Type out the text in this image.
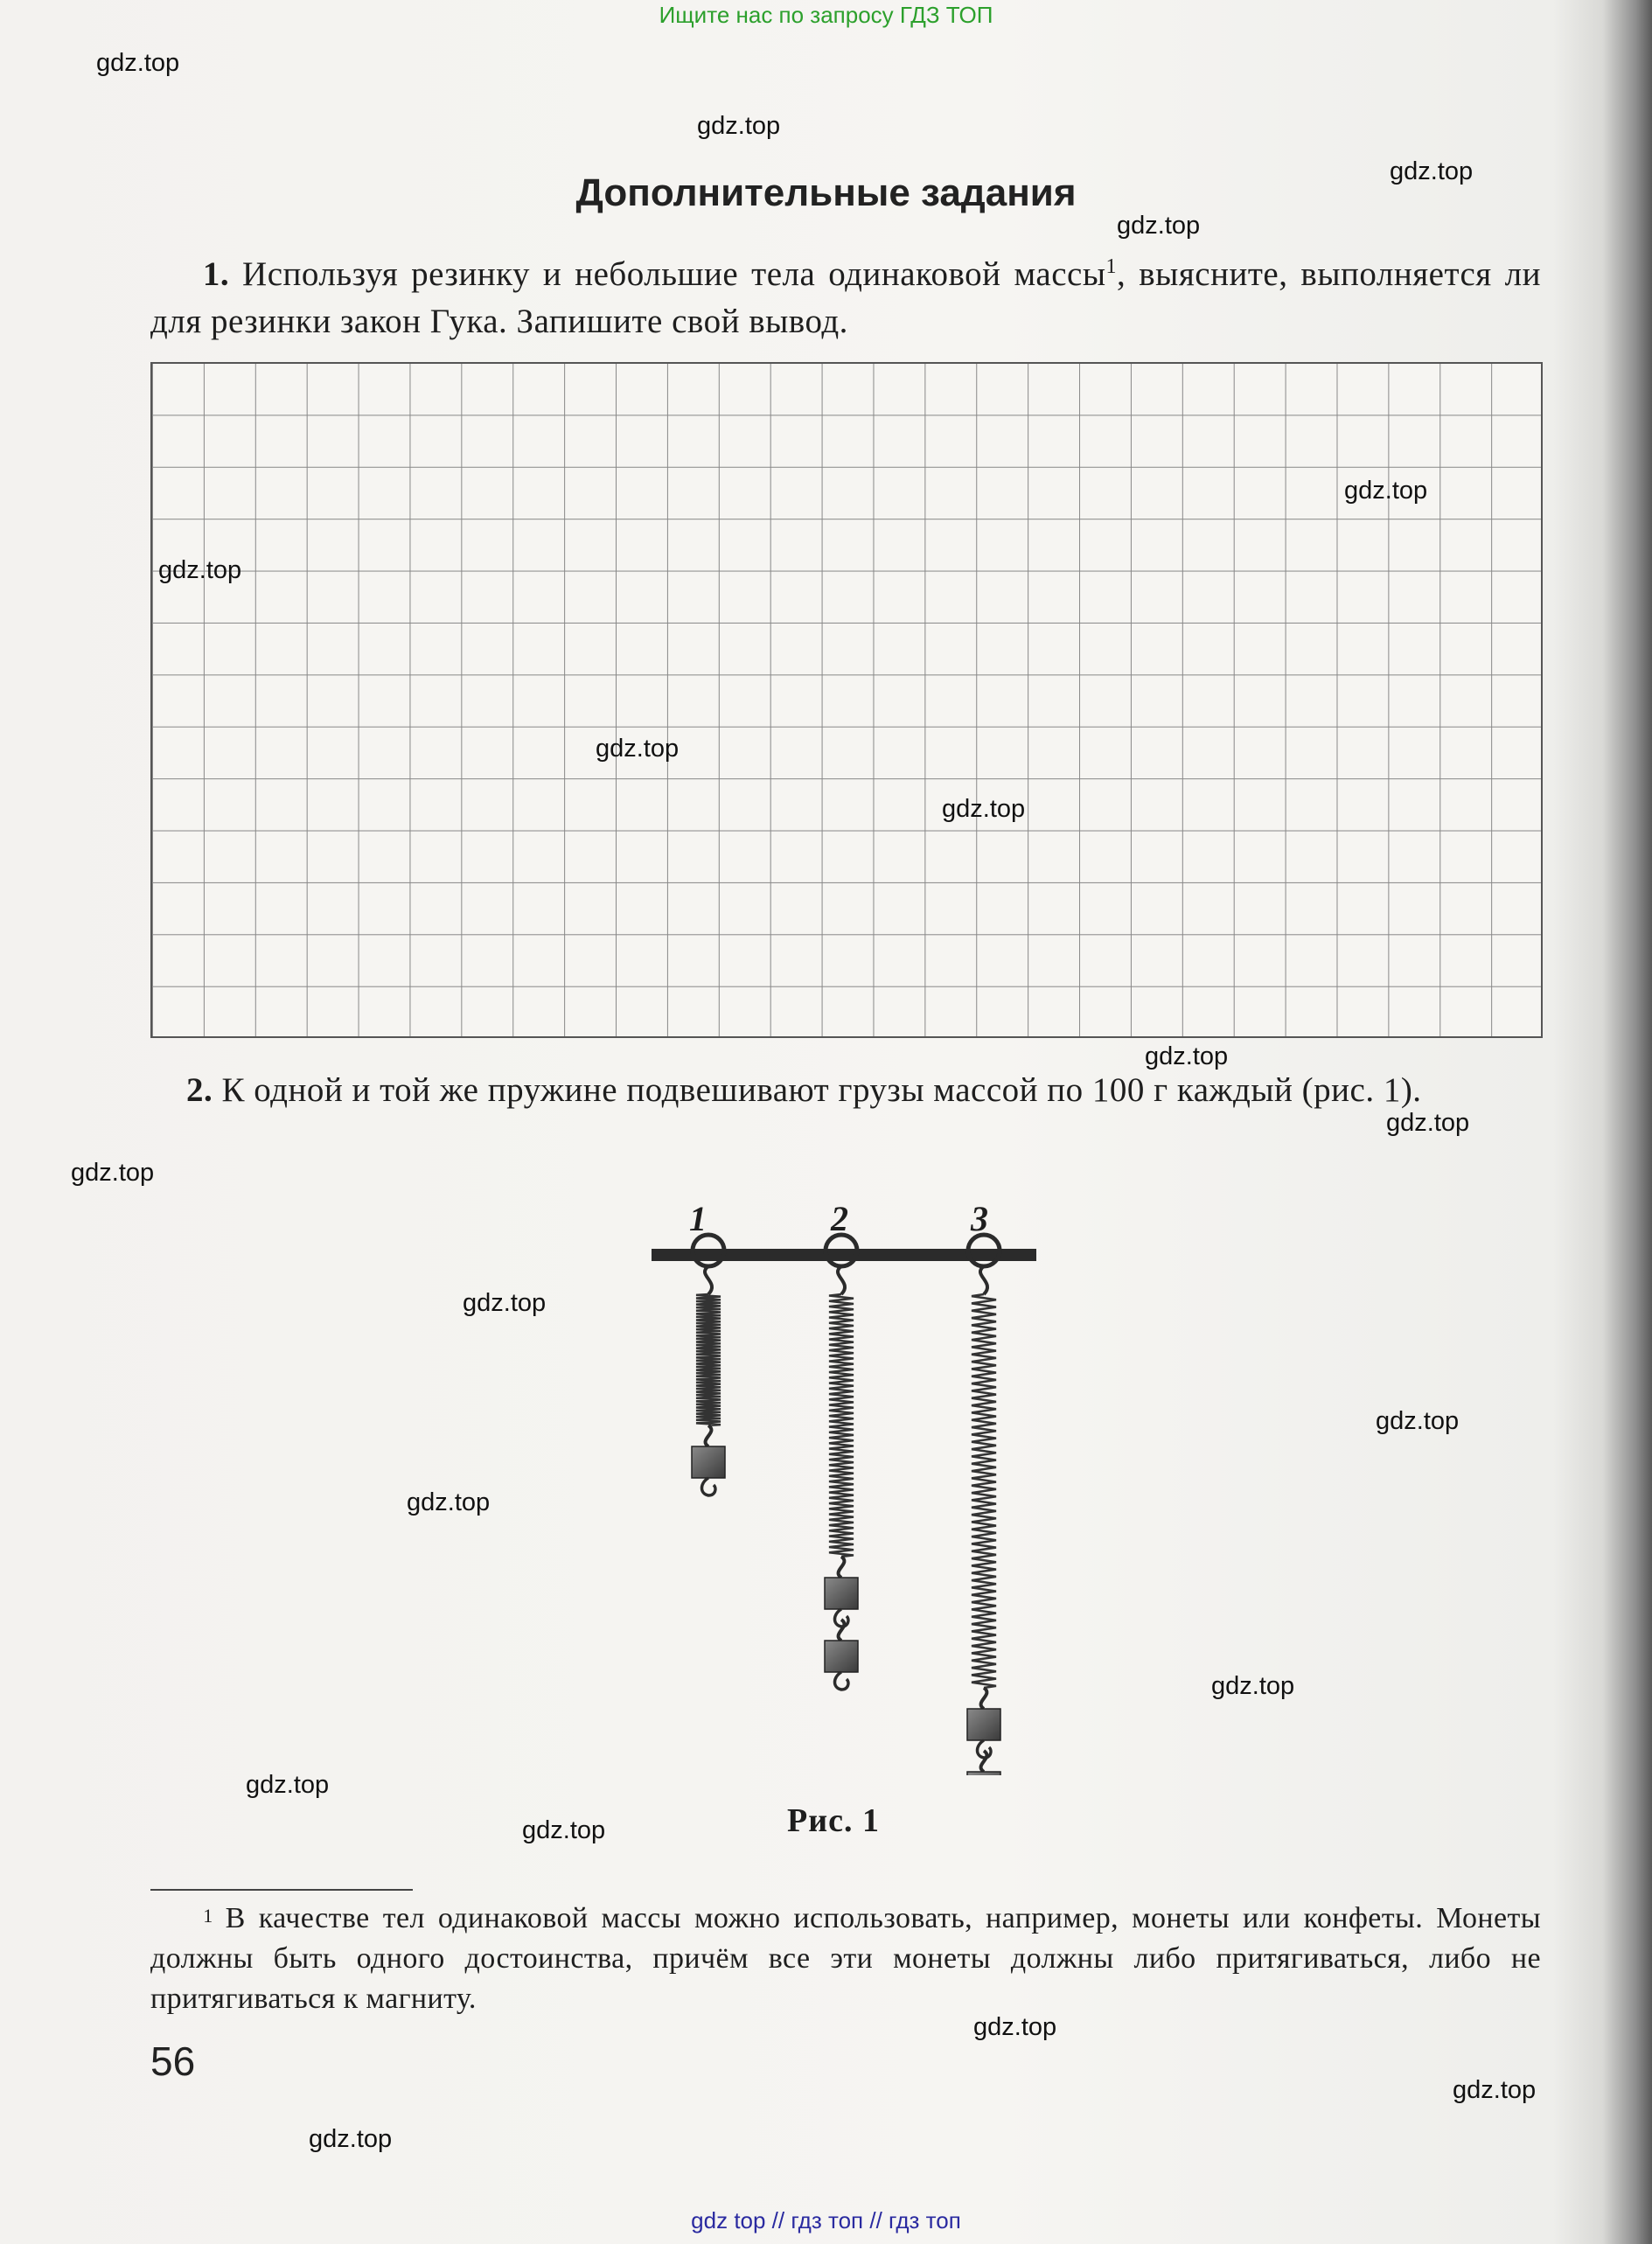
Ищите нас по запросу ГДЗ ТОП
Дополнительные задания
1. Используя резинку и небольшие тела одинаковой массы$^1$, выясните, выполняется ли для резинки закон Гука. Запишите свой вывод.
2. К одной и той же пружине подвешивают грузы массой по 100 г каждый (рис. 1).
1	2	3
Рис. 1
$^1$ В качестве тел одинаковой массы можно использовать, например, монеты или конфеты. Монеты должны быть одного достоинства, причём все эти монеты должны либо притягиваться, либо не притягиваться к магниту.
56
gdz.top
gdz.top
gdz.top
gdz.top
gdz.top
gdz.top
gdz.top
gdz.top
gdz.top
gdz.top
gdz.top
gdz.top
gdz.top
gdz.top
gdz.top
gdz.top
gdz.top
gdz.top
gdz.top
gdz.top
gdz top // гдз топ // гдз топ
